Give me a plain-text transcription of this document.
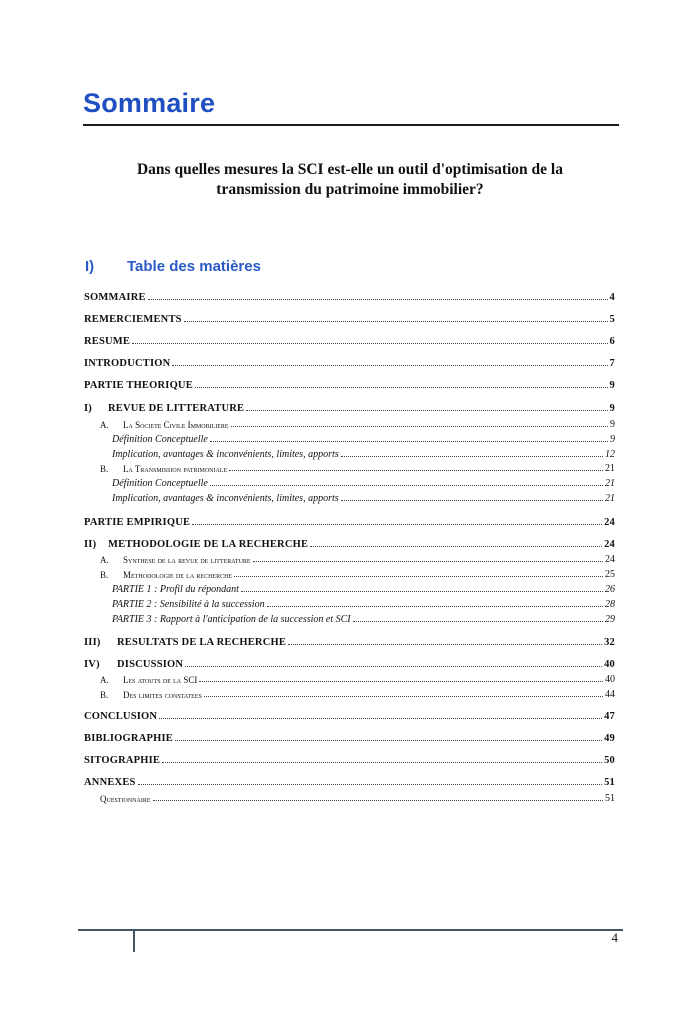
Sommaire
Dans quelles mesures la SCI est-elle un outil d'optimisation de la
transmission du patrimoine immobilier?
I) Table des matières
SOMMAIRE	4
REMERCIEMENTS	5
RESUME	6
INTRODUCTION	7
PARTIE THEORIQUE	9
I)	REVUE DE LITTERATURE	9
A.	La Societe Civile Immobiliere	9
Définition Conceptuelle	9
Implication, avantages & inconvénients, limites, apports	12
B.	La Transmission patrimoniale	21
Définition Conceptuelle	21
Implication, avantages & inconvénients, limites, apports	21
PARTIE EMPIRIQUE	24
II)	METHODOLOGIE DE LA RECHERCHE	24
A.	Synthese de la revue de litterature	24
B.	Methodologie de la recherche	25
PARTIE 1 : Profil du répondant	26
PARTIE 2 : Sensibilité à la succession	28
PARTIE 3 : Rapport à l'anticipation de la succession et SCI	29
III)	RESULTATS DE LA RECHERCHE	32
IV)	DISCUSSION	40
A.	Les atouts de la SCI	40
B.	Des limites constatees	44
CONCLUSION	47
BIBLIOGRAPHIE	49
SITOGRAPHIE	50
ANNEXES	51
Questionnaire	51
4
